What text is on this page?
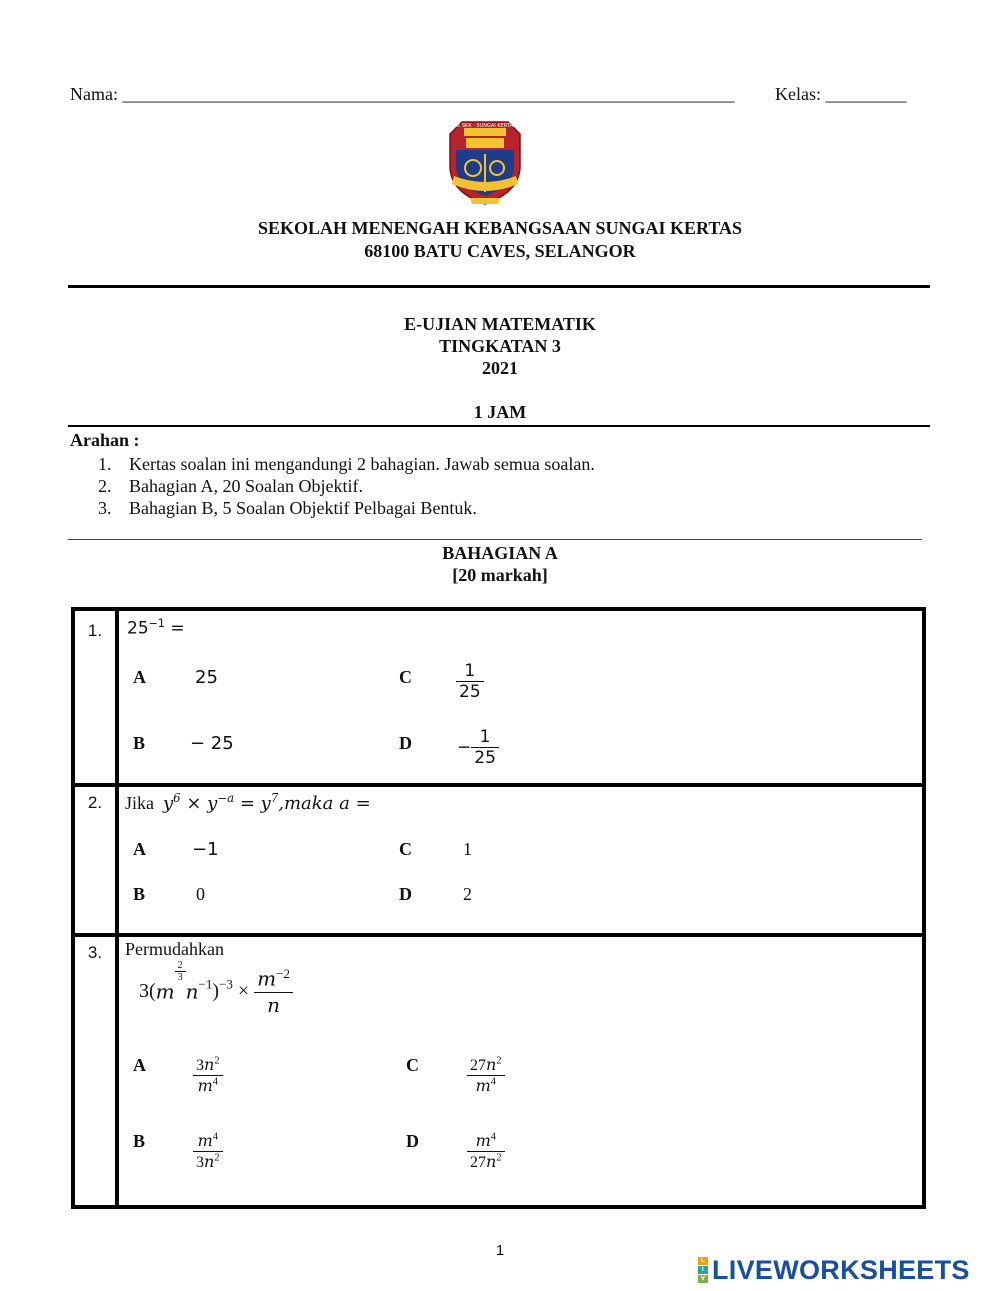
Nama: ____________________________________________________________________ Kelas: _________
SK SKK · SUNGAI KERTAS
SEKOLAH MENENGAH KEBANGSAAN SUNGAI KERTAS
68100 BATU CAVES, SELANGOR
E-UJIAN MATEMATIK
TINGKATAN 3
2021
1 JAM
Arahan :
1. Kertas soalan ini mengandungi 2 bahagian. Jawab semua soalan.
2. Bahagian A, 20 Soalan Objektif.
3. Bahagian B, 5 Soalan Objektif Pelbagai Bentuk.
BAHAGIAN A
[20 markah]
1.	$25^{-1}$ =
A	25	C	$\frac{1}{25}$
B − 25	D	− $\frac{1}{25}$
2.	Jika $y^6 \times y^{-a}$ = $y^7,maka$ a =
A	−1	C	1
B	0	D	2
3.	Permudahkan
3(m
$\frac{2}{3}$
$n^{-1})^{-3} \times \frac{m^{-2}}{n}$
A	$\frac{3n^2}{m^4}$	C	$\frac{27n^2}{m^4}$
B	$\frac{m^4}{3n^2}$	D	$\frac{m^4}{27n^2}$
1
L
I
V LIVEWORKSHEETS
